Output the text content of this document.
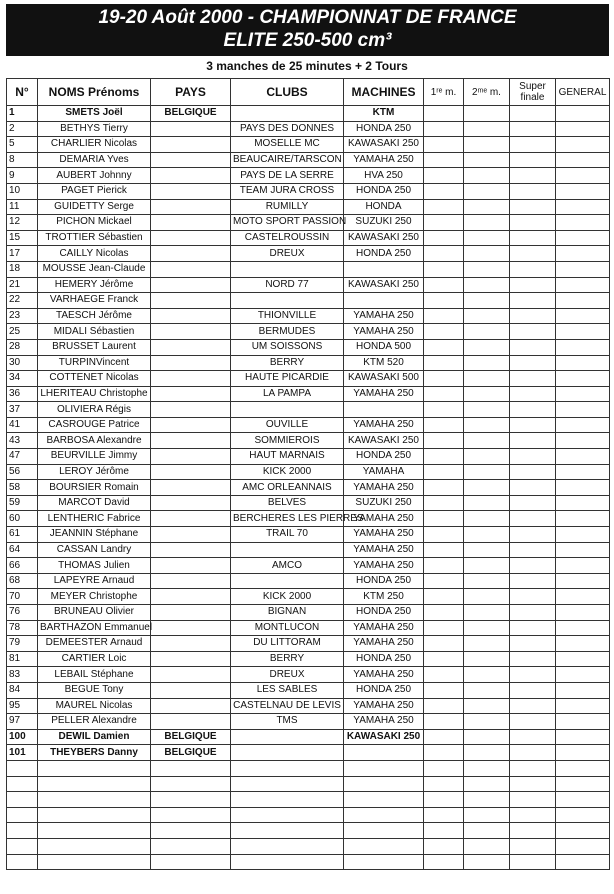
19-20 Août 2000 - CHAMPIONNAT DE FRANCE
ELITE 250-500 cm³
3 manches de 25 minutes + 2 Tours
N°	NOMS Prénoms	PAYS	CLUBS	MACHINES	1ʳᵉ m.	2ᵐᵉ m.	Super finale	GENERAL
1	SMETS Joël	BELGIQUE		KTM				
2	BETHYS Tierry		PAYS DES DONNES	HONDA 250				
5	CHARLIER Nicolas		MOSELLE MC	KAWASAKI 250				
8	DEMARIA Yves		BEAUCAIRE/TARSCON	YAMAHA 250				
9	AUBERT Johnny		PAYS DE LA SERRE	HVA 250				
10	PAGET Pierick		TEAM JURA CROSS	HONDA 250				
11	GUIDETTY Serge		RUMILLY	HONDA				
12	PICHON Mickael		MOTO SPORT PASSION	SUZUKI 250				
15	TROTTIER Sébastien		CASTELROUSSIN	KAWASAKI 250				
17	CAILLY Nicolas		DREUX	HONDA 250				
18	MOUSSE Jean-Claude							
21	HEMERY Jérôme		NORD 77	KAWASAKI 250				
22	VARHAEGE Franck							
23	TAESCH Jérôme		THIONVILLE	YAMAHA 250				
25	MIDALI Sébastien		BERMUDES	YAMAHA 250				
28	BRUSSET Laurent		UM SOISSONS	HONDA 500				
30	TURPINVincent		BERRY	KTM 520				
34	COTTENET Nicolas		HAUTE PICARDIE	KAWASAKI 500				
36	LHERITEAU Christophe		LA PAMPA	YAMAHA 250				
37	OLIVIERA Régis							
41	CASROUGE Patrice		OUVILLE	YAMAHA 250				
43	BARBOSA Alexandre		SOMMIEROIS	KAWASAKI 250				
47	BEURVILLE Jimmy		HAUT MARNAIS	HONDA 250				
56	LEROY Jérôme		KICK 2000	YAMAHA				
58	BOURSIER Romain		AMC ORLEANNAIS	YAMAHA 250				
59	MARCOT David		BELVES	SUZUKI 250				
60	LENTHERIC Fabrice		BERCHERES LES PIERRES	YAMAHA 250				
61	JEANNIN Stéphane		TRAIL 70	YAMAHA 250				
64	CASSAN Landry			YAMAHA 250				
66	THOMAS Julien		AMCO	YAMAHA 250				
68	LAPEYRE Arnaud			HONDA 250				
70	MEYER Christophe		KICK 2000	KTM 250				
76	BRUNEAU Olivier		BIGNAN	HONDA 250				
78	BARTHAZON Emmanuel		MONTLUCON	YAMAHA 250				
79	DEMEESTER Arnaud		DU LITTORAM	YAMAHA 250				
81	CARTIER Loic		BERRY	HONDA 250				
83	LEBAIL Stéphane		DREUX	YAMAHA 250				
84	BEGUE Tony		LES SABLES	HONDA 250				
95	MAUREL Nicolas		CASTELNAU DE LEVIS	YAMAHA 250				
97	PELLER Alexandre		TMS	YAMAHA 250				
100	DEWIL Damien	BELGIQUE		KAWASAKI 250				
101	THEYBERS Danny	BELGIQUE						
